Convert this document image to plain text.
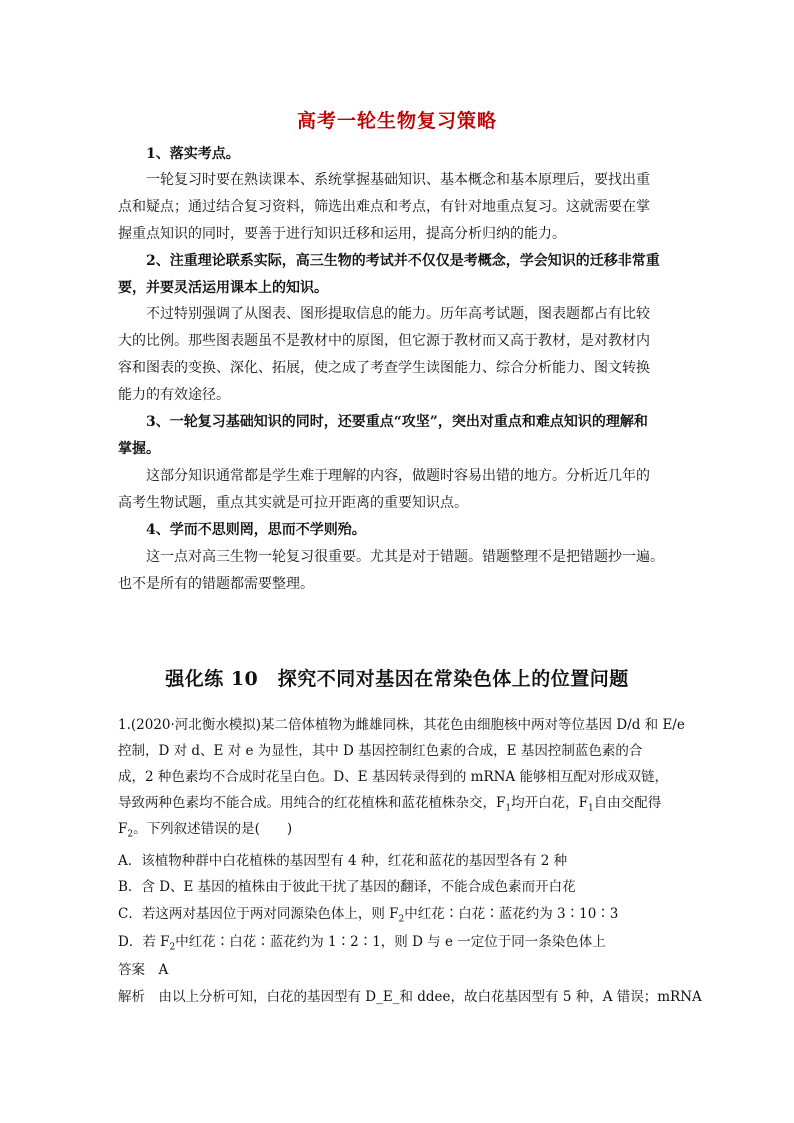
高考一轮生物复习策略
1、落实考点。
一轮复习时要在熟读课本、系统掌握基础知识、基本概念和基本原理后，要找出重
点和疑点；通过结合复习资料，筛选出难点和考点，有针对地重点复习。这就需要在掌
握重点知识的同时，要善于进行知识迁移和运用，提高分析归纳的能力。
2、注重理论联系实际，高三生物的考试并不仅仅是考概念，学会知识的迁移非常重
要，并要灵活运用课本上的知识。
不过特别强调了从图表、图形提取信息的能力。历年高考试题，图表题都占有比较
大的比例。那些图表题虽不是教材中的原图，但它源于教材而又高于教材，是对教材内
容和图表的变换、深化、拓展，使之成了考查学生读图能力、综合分析能力、图文转换
能力的有效途径。
3、一轮复习基础知识的同时，还要重点“攻坚”，突出对重点和难点知识的理解和
掌握。
这部分知识通常都是学生难于理解的内容，做题时容易出错的地方。分析近几年的
高考生物试题，重点其实就是可拉开距离的重要知识点。
4、学而不思则罔，思而不学则殆。
这一点对高三生物一轮复习很重要。尤其是对于错题。错题整理不是把错题抄一遍。
也不是所有的错题都需要整理。
强化练 10　探究不同对基因在常染色体上的位置问题
1.(2020·河北衡水模拟)某二倍体植物为雌雄同株，其花色由细胞核中两对等位基因 D/d 和 E/e
控制，D 对 d、E 对 e 为显性，其中 D 基因控制红色素的合成，E 基因控制蓝色素的合
成，2 种色素均不合成时花呈白色。D、E 基因转录得到的 mRNA 能够相互配对形成双链，
导致两种色素均不能合成。用纯合的红花植株和蓝花植株杂交，$F_1$均开白花，$F_1$自由交配得
$F_2$。下列叙述错误的是(　　)
A．该植物种群中白花植株的基因型有 4 种，红花和蓝花的基因型各有 2 种
B．含 D、E 基因的植株由于彼此干扰了基因的翻译，不能合成色素而开白花
C．若这两对基因位于两对同源染色体上，则 $F_2$中红花∶白花∶蓝花约为 3∶10∶3
D．若 $F_2$中红花∶白花∶蓝花约为 1∶2∶1，则 D 与 e 一定位于同一条染色体上
答案　A
解析　由以上分析可知，白花的基因型有 D_E_和 ddee，故白花基因型有 5 种，A 错误；mRNA
